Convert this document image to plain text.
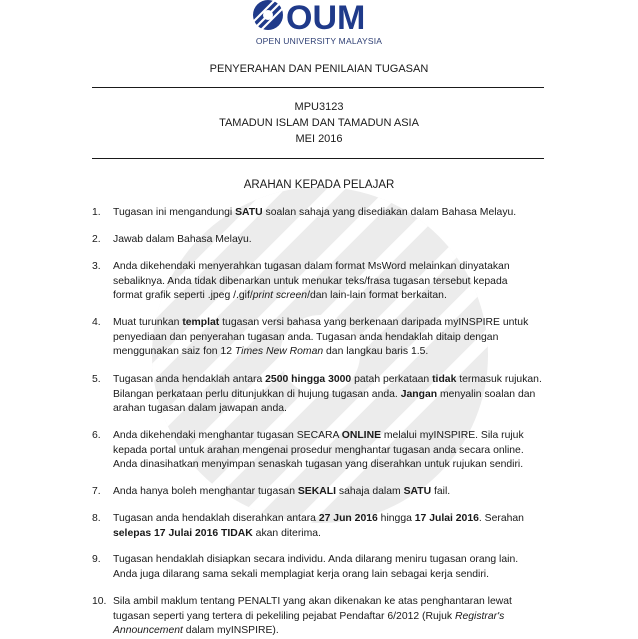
OUM
OPEN UNIVERSITY MALAYSIA
PENYERAHAN DAN PENILAIAN TUGASAN
MPU3123
TAMADUN ISLAM DAN TAMADUN ASIA
MEI 2016
ARAHAN KEPADA PELAJAR
1.	Tugasan ini mengandungi SATU soalan sahaja yang disediakan dalam Bahasa Melayu.
2.	Jawab dalam Bahasa Melayu.
3.	Anda dikehendaki menyerahkan tugasan dalam format MsWord melainkan dinyatakan
sebaliknya. Anda tidak dibenarkan untuk menukar teks/frasa tugasan tersebut kepada
format grafik seperti .jpeg /.gif/print screen/dan lain-lain format berkaitan.
4.	Muat turunkan templat tugasan versi bahasa yang berkenaan daripada myINSPIRE untuk
penyediaan dan penyerahan tugasan anda. Tugasan anda hendaklah ditaip dengan
menggunakan saiz fon 12 Times New Roman dan langkau baris 1.5.
5.	Tugasan anda hendaklah antara 2500 hingga 3000 patah perkataan tidak termasuk rujukan.
Bilangan perkataan perlu ditunjukkan di hujung tugasan anda. Jangan menyalin soalan dan
arahan tugasan dalam jawapan anda.
6.	Anda dikehendaki menghantar tugasan SECARA ONLINE melalui myINSPIRE. Sila rujuk
kepada portal untuk arahan mengenai prosedur menghantar tugasan anda secara online.
Anda dinasihatkan menyimpan senaskah tugasan yang diserahkan untuk rujukan sendiri.
7.	Anda hanya boleh menghantar tugasan SEKALI sahaja dalam SATU fail.
8.	Tugasan anda hendaklah diserahkan antara 27 Jun 2016 hingga 17 Julai 2016. Serahan
selepas 17 Julai 2016 TIDAK akan diterima.
9.	Tugasan hendaklah disiapkan secara individu. Anda dilarang meniru tugasan orang lain.
Anda juga dilarang sama sekali memplagiat kerja orang lain sebagai kerja sendiri.
10. Sila ambil maklum tentang PENALTI yang akan dikenakan ke atas penghantaran lewat
tugasan seperti yang tertera di pekeliling pejabat Pendaftar 6/2012 (Rujuk Registrar's
Announcement dalam myINSPIRE).
